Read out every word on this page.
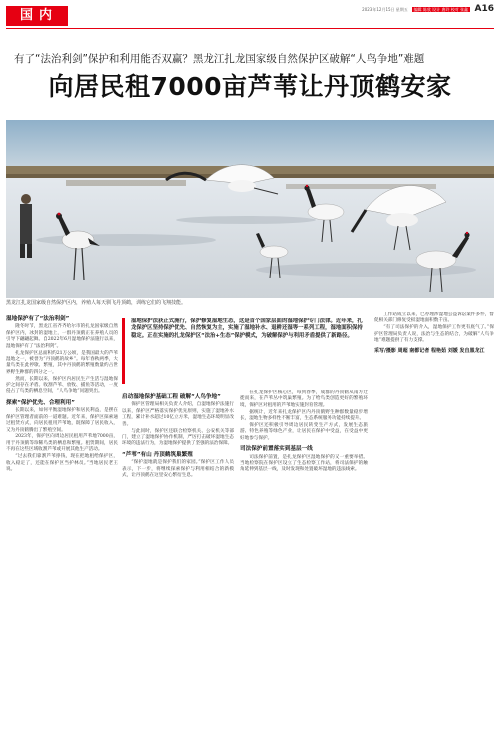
国内	2023年12月15日 星期五 编辑 陈欣 设计 唐玲 校对 张鑫 A16
有了“法治利剑”保护和利用能否双赢？黑龙江扎龙国家级自然保护区破解“人鸟争地”难题
向居民租7000亩芦苇让丹顶鹤安家
黑龙江扎龙国家级自然保护区内，养殖人每天驯飞丹顶鹤，训练它们的飞翔技能。
湿地保护法获正式施行，保护修复湿地生态，这是首个国家层面的湿地保护专门法律。近年来，扎龙保护区坚持保护优先、自然恢复为主，实施了湿地补水、退耕还湿等一系列工程，湿地面积保持稳定。正在实施的扎龙保护区“法治+生态”保护模式，为破解保护与利用矛盾提供了新路径。
湿地保护有了“法治利剑”

隆冬时节，黑龙江省齐齐哈尔市的扎龙国家级自然保护区内，冰封的湿地上，一群丹顶鹤正在养殖人员的引导下翩翩起舞。自2022年6月湿地保护法施行以来，湿地保护有了“法治利剑”。

扎龙保护区总面积约21万公顷，是我国最大的芦苇湿地之一，被誉为“丹顶鹤的故乡”。每年春秋两季，大量鸟类在此停歇、繁殖，其中丹顶鹤的繁殖数量约占世界野生种群的四分之一。

然而，长期以来，保护区内居民生产生活与湿地保护之间存在矛盾。收割芦苇、放牧、捕鱼等活动，一度侵占了鸟类的栖息空间，“人鸟争地”问题突出。

探索“保护优先、合理利用”

长期以来，如何平衡湿地保护和居民利益，是摆在保护区管理者面前的一道难题。近年来，保护区探索通过租赁方式，向居民租用芦苇地，既保障了居民收入，又为丹顶鹤腾出了繁殖空间。

2023年，保护区向周边居民租用芦苇地7000亩，用于丹顶鹤等珍稀鸟类的栖息和繁殖。租赁期间，居民不再在这些区域收割芦苇或开展其他生产活动。

“过去我们靠割芦苇挣钱，现在把地租给保护区，收入稳定了，还能在保护区当护林员。”当地居民老王说。

启动湿地保护基础工程 破解“人鸟争地”

保护区管理局相关负责人介绍，自湿地保护法施行以来，保护区严格落实保护优先原则，实施了湿地补水工程，累计补水超过10亿立方米，湿地生态环境明显改善。

与此同时，保护区还联合检察机关、公安机关等部门，建立了湿地保护协作机制，严厉打击破坏湿地生态环境的违法行为，为湿地保护提供了坚强的法治保障。

“芦苇”有山 丹顶鹤筑巢繁殖

“保护湿地就是保护我们的家园。”保护区工作人员表示，下一步，将继续探索保护与利用相结合的新模式，让丹顶鹤在这里安心繁衍生息。

在扎龙保护区核心区，每到春季，成群的丹顶鹤从南方迁徙而来，在芦苇丛中筑巢繁殖。为了给鸟类创造更好的繁殖环境，保护区对租用的芦苇地实施封育管理。

据统计，近年来扎龙保护区内丹顶鹤野生种群数量稳步增长，湿地生物多样性不断丰富，生态系统服务功能持续提升。

保护区还积极引导周边居民转变生产方式，发展生态旅游、特色养殖等绿色产业，让居民在保护中受益，在受益中更好地参与保护。

司法保护前置落实到基层一线

司法保护前置，是扎龙保护区湿地保护的又一重要举措。当地检察院在保护区设立了生态检察工作站，将司法保护的触角延伸到基层一线，及时发现和处置破坏湿地的违法线索。

工作站成立以来，已办理涉湿地公益诉讼案件多件，督促相关部门修复受损湿地面积数千亩。

“有了司法保护的介入，湿地保护工作更有底气了。”保护区管理局负责人说，法治与生态的结合，为破解“人鸟争地”难题提供了有力支撑。

采写/摄影 周超 南都记者 程艳茹 刘媛 发自黑龙江
